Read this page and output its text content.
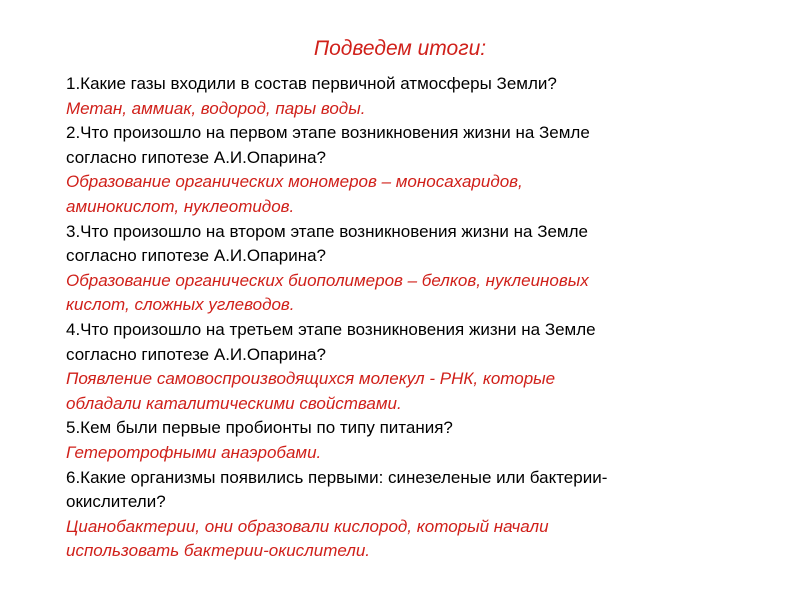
Подведем итоги:
1.Какие газы входили в состав первичной атмосферы Земли?
Метан, аммиак, водород, пары воды.
2.Что произошло на первом этапе возникновения жизни на Земле
согласно гипотезе А.И.Опарина?
Образование органических мономеров – моносахаридов,
аминокислот, нуклеотидов.
3.Что произошло на втором этапе возникновения жизни на Земле
согласно гипотезе А.И.Опарина?
Образование органических биополимеров – белков, нуклеиновых
кислот, сложных углеводов.
4.Что произошло на третьем этапе возникновения жизни на Земле
согласно гипотезе А.И.Опарина?
Появление самовоспроизводящихся молекул - РНК, которые
обладали каталитическими свойствами.
5.Кем были первые пробионты по типу питания?
Гетеротрофными анаэробами.
6.Какие организмы появились первыми: синезеленые или бактерии-
окислители?
Цианобактерии, они образовали кислород, который начали
использовать бактерии-окислители.
